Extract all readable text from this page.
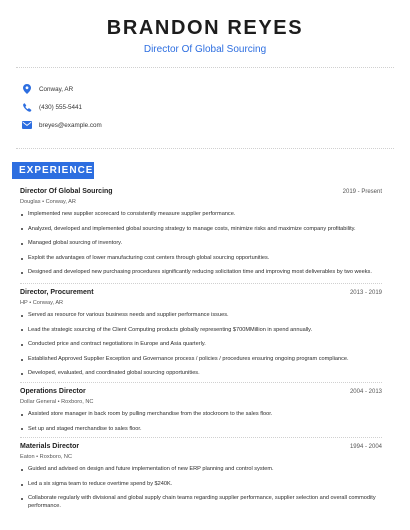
BRANDON REYES
Director Of Global Sourcing
Conway, AR
(430) 555-5441
breyes@example.com
EXPERIENCE
Director Of Global Sourcing	2019 - Present
Douglas • Conway, AR
Implemented new supplier scorecard to consistently measure supplier performance.
Analyzed, developed and implemented global sourcing strategy to manage costs, minimize risks and maximize company profitability.
Managed global sourcing of inventory.
Exploit the advantages of lower manufacturing cost centers through global sourcing opportunities.
Designed and developed new purchasing procedures significantly reducing solicitation time and improving most deliverables by two weeks.
Director, Procurement	2013 - 2019
HP • Conway, AR
Served as resource for various business needs and supplier performance issues.
Lead the strategic sourcing of the Client Computing products globally representing $700MMillion in spend annually.
Conducted price and contract negotiations in Europe and Asia quarterly.
Established Approved Supplier Exception and Governance process / policies / procedures ensuring ongoing program compliance.
Developed, evaluated, and coordinated global sourcing opportunities.
Operations Director	2004 - 2013
Dollar General • Roxboro, NC
Assisted store manager in back room by pulling merchandise from the stockroom to the sales floor.
Set up and staged merchandise to sales floor.
Materials Director	1994 - 2004
Eaton • Roxboro, NC
Guided and advised on design and future implementation of new ERP planning and control system.
Led a six sigma team to reduce overtime spend by $240K.
Collaborate regularly with divisional and global supply chain teams regarding supplier performance, supplier selection and overall commodity performance.
